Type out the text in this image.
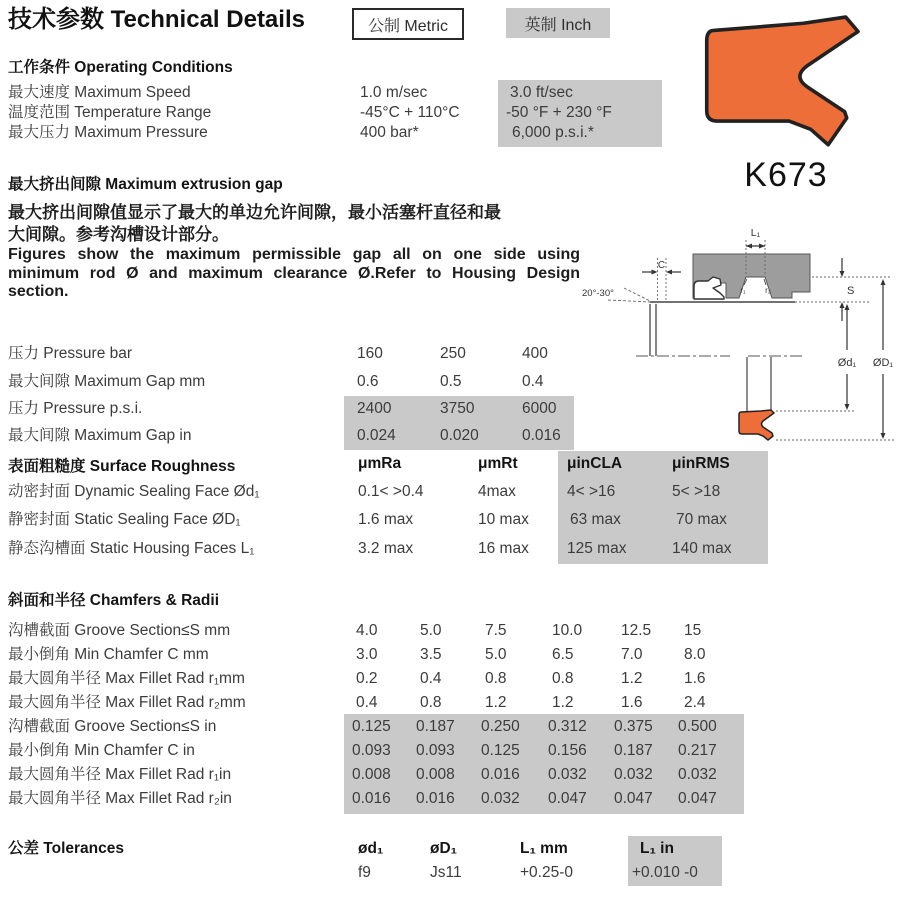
技术参数 Technical Details	公制 Metric	英制 Inch
K673
工作条件 Operating Conditions
最大速度 Maximum Speed	1.0 m/sec	3.0 ft/sec
温度范围 Temperature Range	-45°C + 110°C	-50 °F + 230 °F
最大压力 Maximum Pressure	400 bar*	6,000 p.s.i.*
最大挤出间隙 Maximum extrusion gap
最大挤出间隙值显示了最大的单边允许间隙，最小活塞杆直径和最
大间隙。参考沟槽设计部分。
Figures show the maximum permissible gap all on one side using minimum rod Ø and maximum clearance Ø.Refer to Housing Design section.
压力 Pressure bar	160	250	400
最大间隙 Maximum Gap mm	0.6	0.5	0.4
压力 Pressure p.s.i.	2400	3750	6000
最大间隙 Maximum Gap in	0.024	0.020	0.016
表面粗糙度 Surface Roughness	μmRa	μmRt	μinCLA	μinRMS
动密封面 Dynamic Sealing Face Ød₁	0.1< >0.4	4max	4< >16	5< >18
静密封面 Static Sealing Face ØD₁	1.6 max	10 max	63 max	70 max
静态沟槽面 Static Housing Faces L₁	3.2 max	16 max 125 max	140 max
斜面和半径 Chamfers & Radii
沟槽截面 Groove Section≤S mm	4.0	5.0	7.5	10.0	12.5 15
最小倒角 Min Chamfer C mm	3.0	3.5	5.0	6.5	7.0	8.0
最大圆角半径 Max Fillet Rad r₁mm	0.2	0.4	0.8	0.8	1.2	1.6
最大圆角半径 Max Fillet Rad r₂mm	0.4	0.8	1.2	1.2	1.6	2.4
沟槽截面 Groove Section≤S in	0.125 0.187 0.250 0.312 0.375 0.500
最小倒角 Min Chamfer C in	0.093 0.093 0.125 0.156 0.187 0.217
最大圆角半径 Max Fillet Rad r₁in	0.008 0.008 0.016 0.032 0.032 0.032
最大圆角半径 Max Fillet Rad r₂in	0.016 0.016 0.032 0.047 0.047 0.047
公差 Tolerances	ød₁	øD₁	L₁ mm	L₁ in
f9	Js11	+0.25-0	+0.010 -0
20°-30°
C
L₁
r₁ r₂	S
Ød₁ ØD₁
